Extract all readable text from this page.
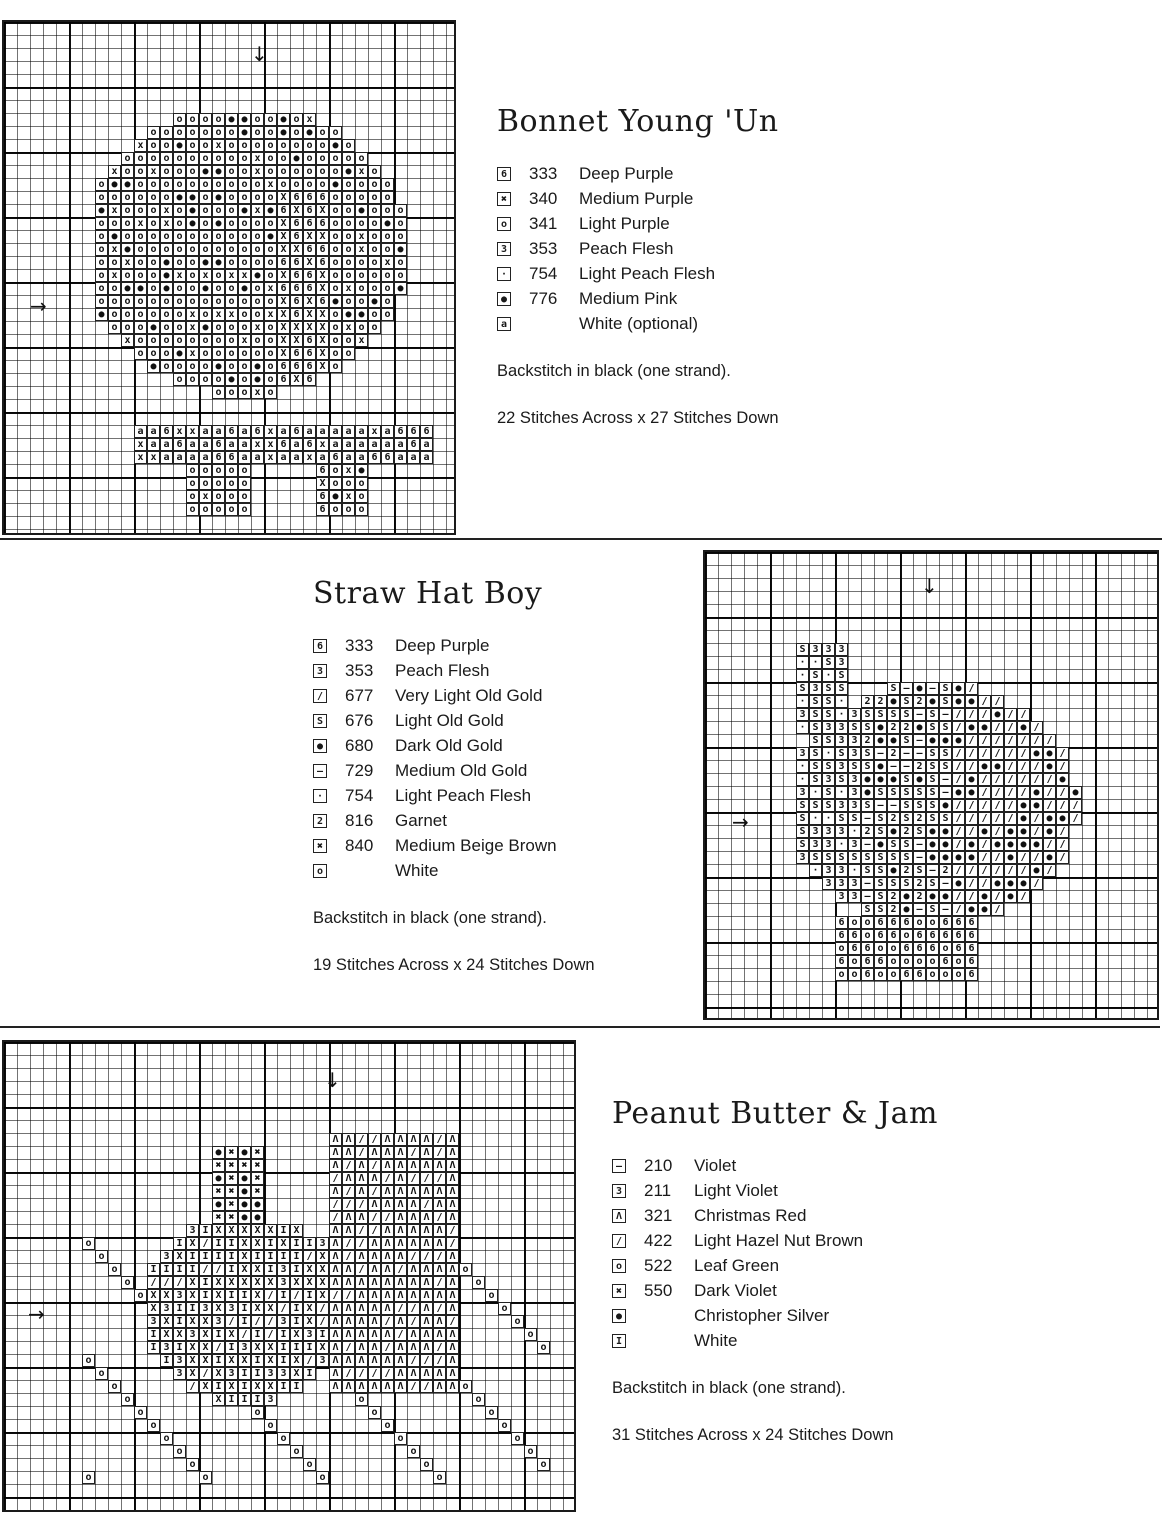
o o o o ● ● o o ● o x
o o o o o o o ● o o ● o ● o o
x o o ● o o x o o o o o o o o ● o
o o o o o o o o o o x o o ● o o o o o
x o o x o o o ● ● o o x o o o o o o ● x o
o ● ● o o o o o o o o o o x o o o o ● o o o o
o o o o o o ● ● o ● o o o o X 6 6 6 o o o o o
● x o o o x o ● o o o ● x ● 6 X 6 X o o ● o o o
o o o x o x o ● o ● o o o o X 6 6 6 o o o o ● o
o ● o o o o o o o o o o o ● X 6 X X o o x o o o
o x ● o o o o o o o o o o o X X 6 6 o o x o o ●
o o x o o ● o o ● ● o o o o 6 6 X 6 o o o o x o
o x o o o ● x o x o x x ● o X 6 6 X o o o o o o
o o ● ● o ● o o ● o o ● o x 6 6 6 X o x o o o ●
o o o o o o o o o o o o o o X 6 X 6 ● o o ● o
● o o o o o o x o x x o o x X 6 X X o ● ● o o
o o o ● o o x ● o o o x o X X X X o x o o
x o o o o o o o o x o o X X 6 X o o x
o o o ● x o o o o o o X 6 6 X o o
● o o o o ● o o ● o 6 6 6 X o
o o o o ● o ● o 6 X 6
o o o x o
a a 6 x x a a 6 a 6 x a 6 a a a a a x a 6 6 6
x a a 6 a a 6 a a x x 6 a 6 x a a a a a a 6 a
x x a a a a 6 6 a a x a a x a 6 a a 6 6 a a a
o o o o o	6 o x ●
o o o o o	X o o o
o x o o o	6 ● x o
o o o o o	6 o o o
↓
→
S 3 3 3
· · S 3
· S · S
S 3 S S	S – ● – S ● /
· S S ·	2 2 ● S 2 ● S ● ● / /
3 S S · 3 S S S S – S – / / / ● / /
· S 3 3 S S ● 2 2 ● S S / ● ● / / ● /
S S 3 3 2 ● ● S – ● ● ● / / / / / / /
3 S · S 3 S – 2 – – S S / / / / / / ● ● /
· S S 3 S S ● – – 2 S S / / ● ● / / / ● /
· S 3 S 3 ● ● ● S ● S – / ● / / / / / / ●
3 · S · 3 ● S S S S S – ● ● / / / / ● / / ●
S S S 3 3 S – – S S S ● / / / / / ● ● / / /
S · · S S – S 2 S 2 S S / / / / / ● / ● ● /
S 3 3 3 · 2 S ● 2 S ● ● / / ● / ● ● / ● /
S 3 3 · 3 – ● S S – ● ● / ● / ● ● ● ● / /
3 S S S S S S S S – ● ● ● ● / / ● / / ● /
· 3 3 · S S ● 2 S – 2 / / / / / / ● /
3 3 3 – S S S 2 S – ● / / ● ● ● /
3 3 – S 2 ● 2 ● ● / / ● / ● /
S S 2 ● – S – / ● ● /
6 o o 6 6 6 o o 6 6 6
6 6 o 6 6 o 6 6 6 6 6
o 6 6 o o 6 6 6 o 6 6
6 o 6 6 o o o o 6 o 6
o o 6 o o 6 6 o o o 6
↓
→
Λ Λ / / Λ Λ Λ Λ / Λ
● ✖ ● ✖	Λ Λ / Λ Λ Λ / Λ / Λ
✖ ✖ ✖ ✖	Λ / Λ / Λ Λ Λ Λ Λ Λ
● ✖ ● ✖	/ Λ Λ Λ / Λ / / / Λ
✖ ✖ ● ✖	Λ / Λ / Λ Λ Λ Λ Λ Λ
● ✖ ● ●	/ / / Λ Λ Λ Λ / Λ Λ
✖ ✖ ● ●	/ Λ Λ / / Λ Λ Λ / Λ
3 I X X X X X I X	Λ Λ / / Λ Λ Λ Λ Λ /
o	I X / I I X X I X I I 3 Λ / / Λ Λ Λ Λ Λ Λ /
o	3 X I I I I X I I I I / X Λ / Λ Λ Λ Λ / / / Λ
o	I I I I / / I X X I 3 I X X Λ Λ / Λ Λ / Λ Λ Λ Λ o
o	/ / / X I X X X X X 3 X X X Λ Λ Λ Λ Λ Λ Λ Λ / Λ	o
o X X 3 X I X I I X / I / I X / / Λ Λ Λ Λ Λ Λ Λ Λ	o
X 3 I I 3 X 3 I X X / I X / Λ Λ Λ Λ Λ / / Λ / Λ	o
3 X I X X 3 / I / / 3 I X / Λ Λ Λ Λ / Λ / Λ Λ /	o
I X X 3 X I X / I / I X 3 I Λ Λ Λ Λ Λ / Λ Λ Λ Λ	o
I 3 I X X / I 3 X X I I I X Λ / Λ Λ / Λ Λ Λ / Λ	o
o	I 3 X X I X X I X I X / 3 Λ Λ Λ Λ Λ Λ / / / Λ
o	3 X / X 3 I I 3 3 X I	Λ / / / / Λ Λ Λ Λ Λ
o	/ X I X I X X I I	Λ Λ Λ Λ Λ Λ / / Λ Λ o
o	X I I I 3	o	o
o	o	o	o
o	o	o	o
o	o	o	o
o	o	o	o
o	o	o	o
o	o	o	o
↓
→
Bonnet Young 'Un
6 333	Deep Purple
✖ 340	Medium Purple
o 341	Light Purple
3 353	Peach Flesh
· 754	Light Peach Flesh
● 776	Medium Pink
a	White (optional)
Backstitch in black (one strand).
22 Stitches Across x 27 Stitches Down
Straw Hat Boy
6 333	Deep Purple
3 353	Peach Flesh
/ 677	Very Light Old Gold
S 676	Light Old Gold
● 680	Dark Old Gold
– 729	Medium Old Gold
· 754	Light Peach Flesh
2 816	Garnet
✖ 840	Medium Beige Brown
o	White
Backstitch in black (one strand).
19 Stitches Across x 24 Stitches Down
Peanut Butter & Jam
– 210	Violet
3 211	Light Violet
Λ 321	Christmas Red
/ 422	Light Hazel Nut Brown
o 522	Leaf Green
✖ 550	Dark Violet
●	Christopher Silver
I	White
Backstitch in black (one strand).
31 Stitches Across x 24 Stitches Down
